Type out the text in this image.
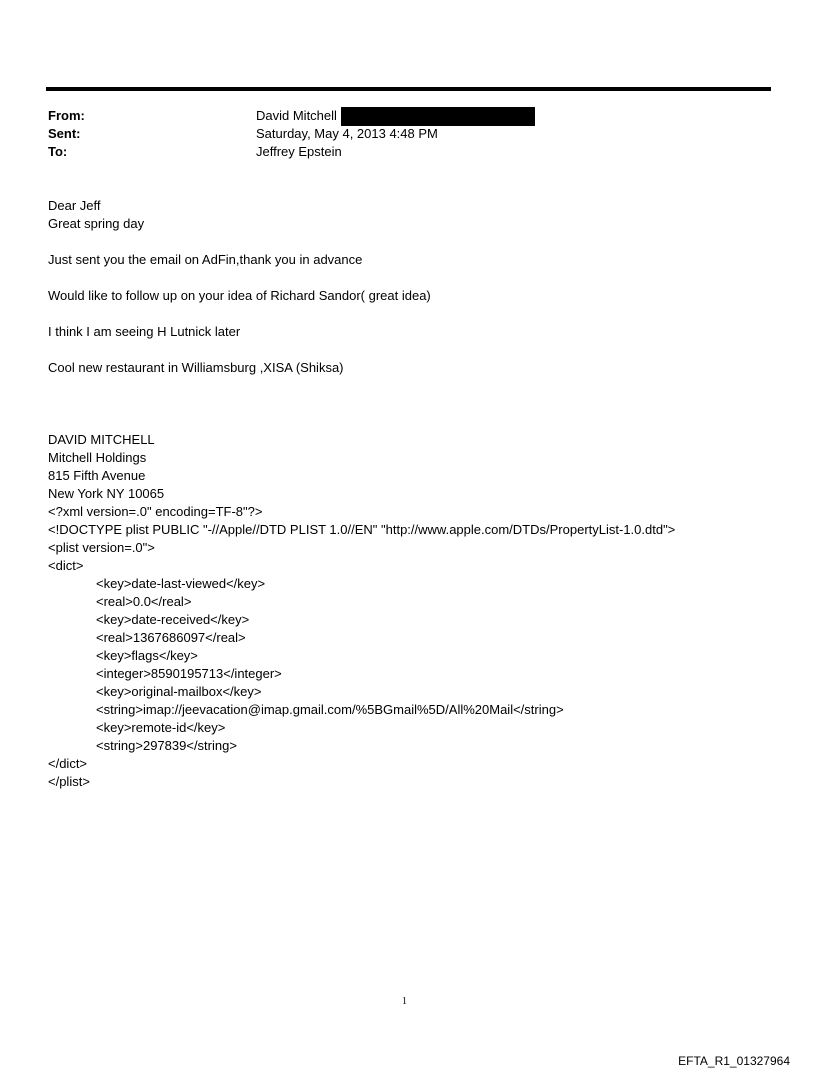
From:	David Mitchell
Sent:	Saturday, May 4, 2013 4:48 PM
To:	Jeffrey Epstein
Dear Jeff
Great spring day
Just sent you the email on AdFin,thank you in advance
Would like to follow up on your idea of Richard Sandor( great idea)
I think I am seeing H Lutnick later
Cool new restaurant in Williamsburg ,XISA (Shiksa)
DAVID MITCHELL
Mitchell Holdings
815 Fifth Avenue
New York NY 10065
<?xml version=.0" encoding=TF-8"?>
<!DOCTYPE plist PUBLIC "-//Apple//DTD PLIST 1.0//EN" "http://www.apple.com/DTDs/PropertyList-1.0.dtd">
<plist version=.0">
<dict>
<key>date-last-viewed</key>
<real>0.0</real>
<key>date-received</key>
<real>1367686097</real>
<key>flags</key>
<integer>8590195713</integer>
<key>original-mailbox</key>
<string>imap://jeevacation@imap.gmail.com/%5BGmail%5D/All%20Mail</string>
<key>remote-id</key>
<string>297839</string>
</dict>
</plist>
1
EFTA_R1_01327964
